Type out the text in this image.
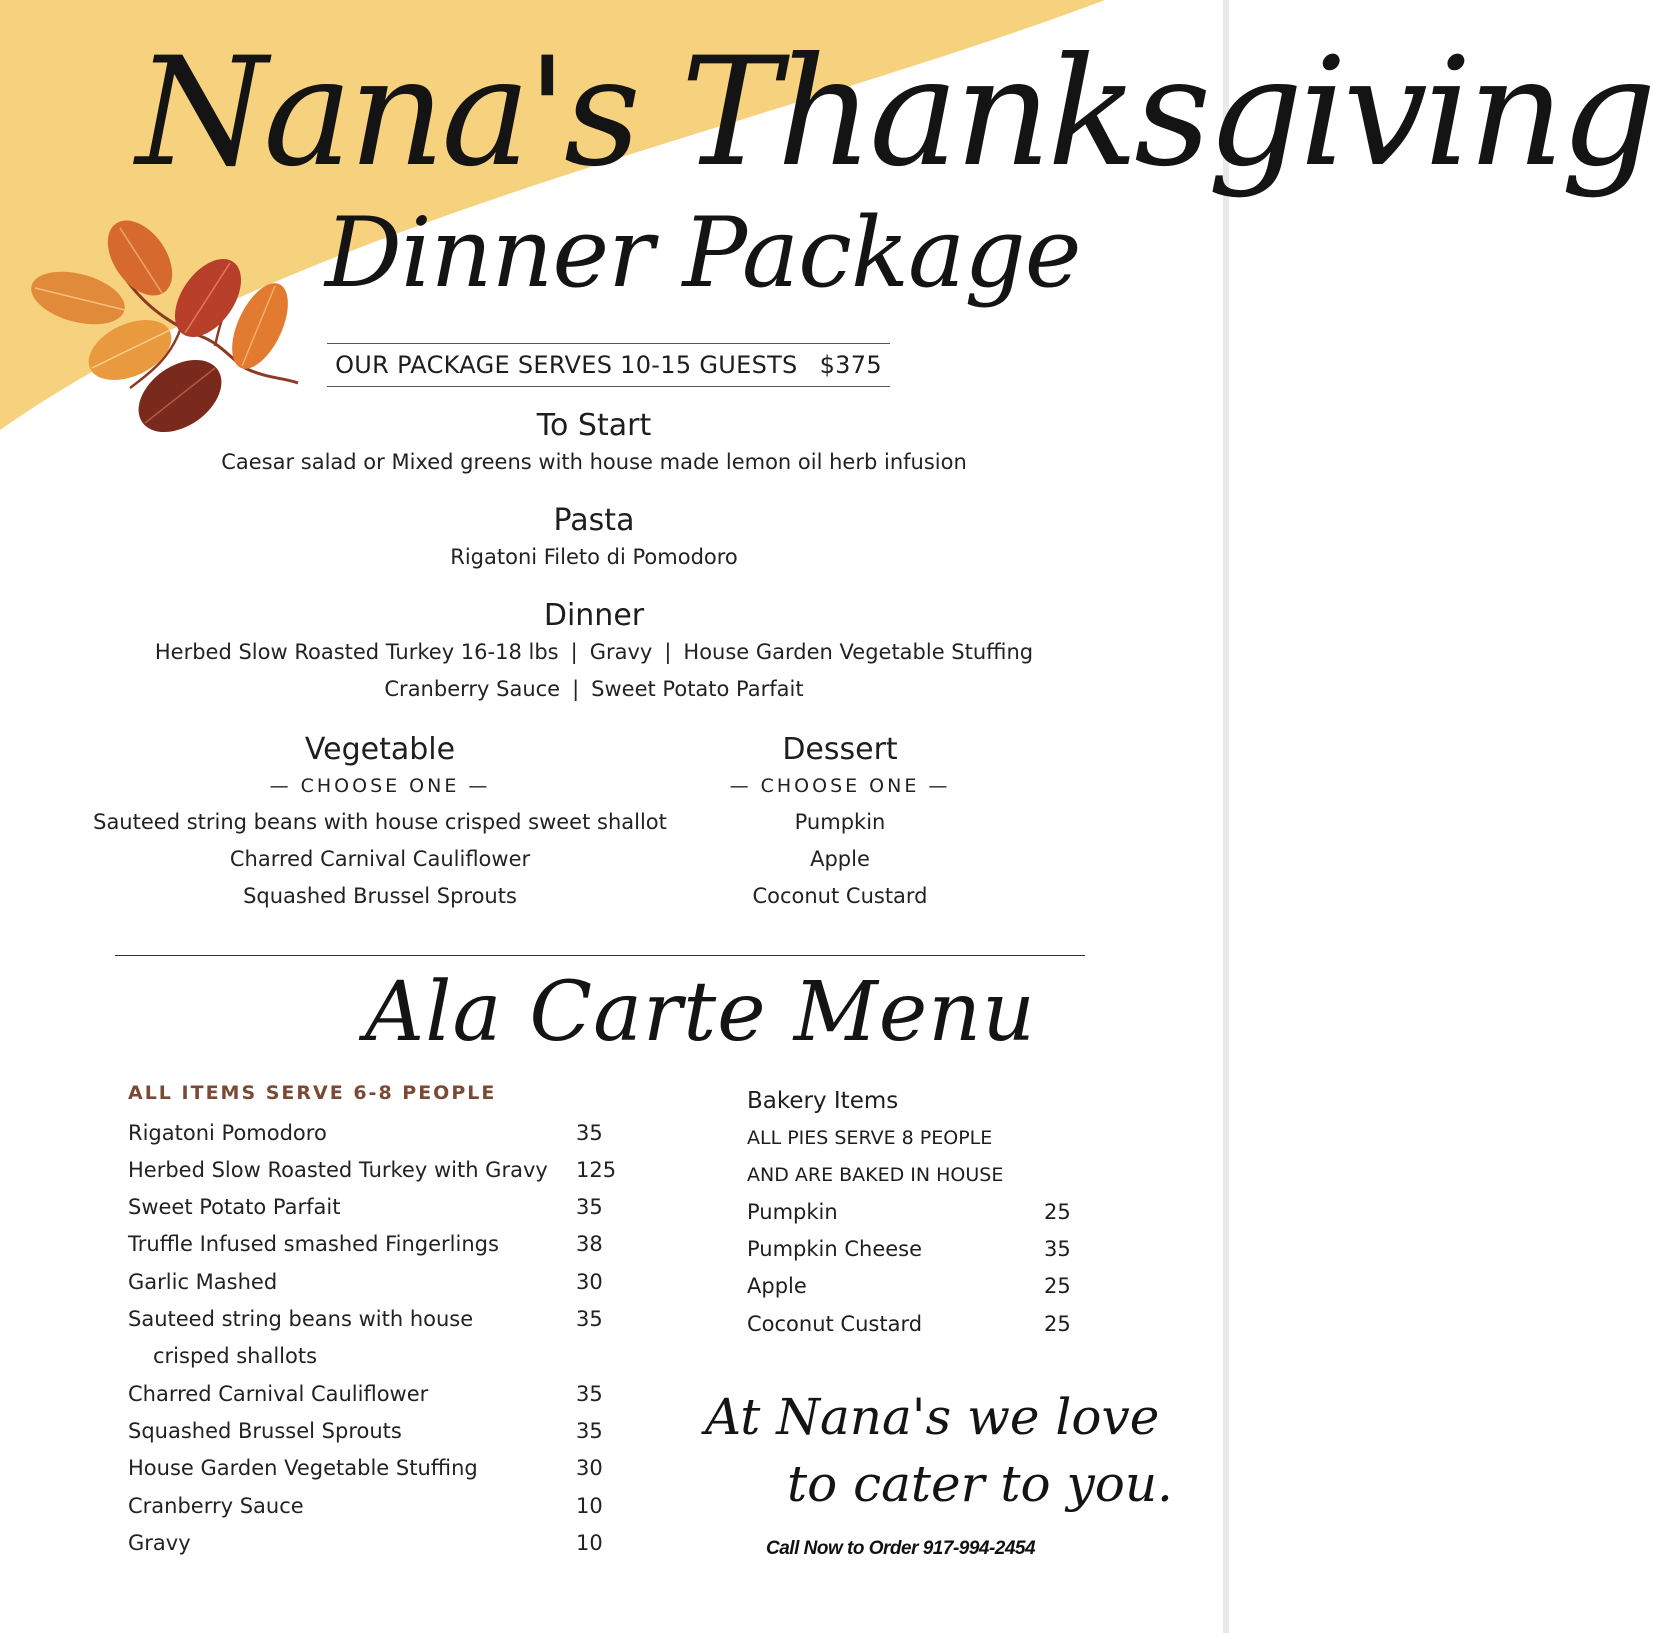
Nana's Thanksgiving
Dinner Package
OUR PACKAGE SERVES 10-15 GUESTS $375
To Start

Caesar salad or Mixed greens with house made lemon oil herb infusion

Pasta

Rigatoni Fileto di Pomodoro

Dinner

Herbed Slow Roasted Turkey 16-18 lbs | Gravy | House Garden Vegetable Stuffing

Cranberry Sauce | Sweet Potato Parfait

Vegetable

— CHOOSE ONE —

Sauteed string beans with house crisped sweet shallot

Charred Carnival Cauliflower

Squashed Brussel Sprouts

Dessert

— CHOOSE ONE —

Pumpkin

Apple

Coconut Custard

Ala Carte Menu

ALL ITEMS SERVE 6-8 PEOPLE

Rigatoni Pomodoro	35
Herbed Slow Roasted Turkey with Gravy	125
Sweet Potato Parfait	35
Truffle Infused smashed Fingerlings	38
Garlic Mashed	30
Sauteed string beans with house	35
crisped shallots
Charred Carnival Cauliflower	35
Squashed Brussel Sprouts	35
House Garden Vegetable Stuffing	30
Cranberry Sauce	10
Gravy	10

Bakery Items

ALL PIES SERVE 8 PEOPLE

AND ARE BAKED IN HOUSE

Pumpkin	25
Pumpkin Cheese	35
Apple	25
Coconut Custard	25
At Nana's we love
to cater to you.
Call Now to Order 917-994-2454
